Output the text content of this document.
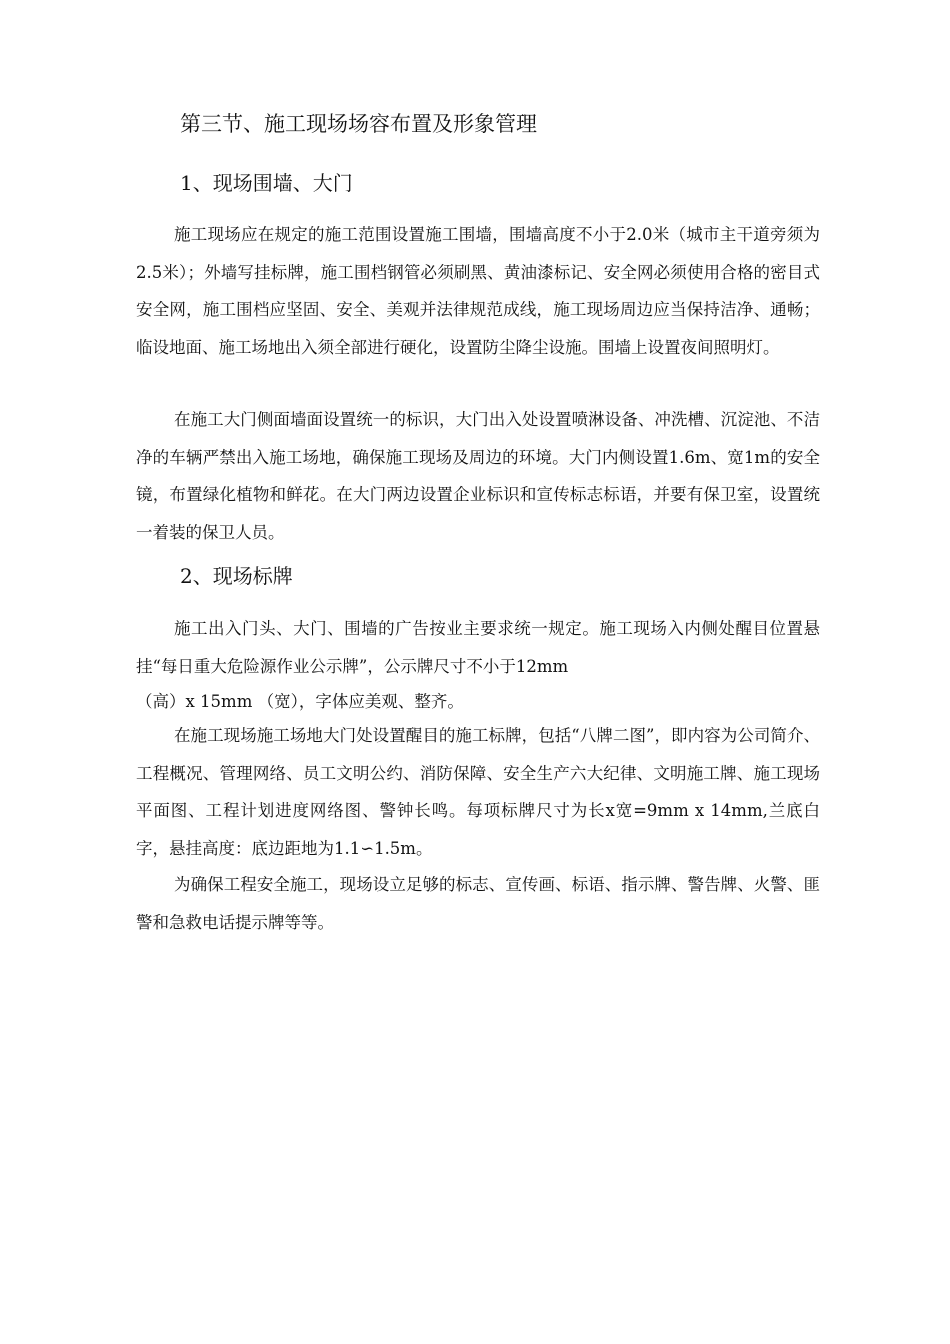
第三节、施工现场场容布置及形象管理
1、现场围墙、大门

施工现场应在规定的施工范围设置施工围墙，围墙高度不小于2.0米（城市主干道旁须为2.5米）；外墙写挂标牌，施工围档钢管必须刷黑、黄油漆标记、安全网必须使用合格的密目式安全网，施工围档应坚固、安全、美观并法律规范成线，施工现场周边应当保持洁净、通畅；临设地面、施工场地出入须全部进行硬化，设置防尘降尘设施。围墙上设置夜间照明灯。

在施工大门侧面墙面设置统一的标识，大门出入处设置喷淋设备、冲洗槽、沉淀池、不洁净的车辆严禁出入施工场地，确保施工现场及周边的环境。大门内侧设置1.6m、宽1m的安全镜，布置绿化植物和鲜花。在大门两边设置企业标识和宣传标志标语，并要有保卫室，设置统一着装的保卫人员。

2、现场标牌

施工出入门头、大门、围墙的广告按业主要求统一规定。施工现场入内侧处醒目位置悬挂“每日重大危险源作业公示牌”，公示牌尺寸不小于12mm

（高）x 15mm （宽），字体应美观、整齐。

在施工现场施工场地大门处设置醒目的施工标牌，包括“八牌二图”，即内容为公司简介、工程概况、管理网络、员工文明公约、消防保障、安全生产六大纪律、文明施工牌、施工现场平面图、工程计划进度网络图、警钟长鸣。每项标牌尺寸为长x宽=9mm x 14mm,兰底白字，悬挂高度：底边距地为1.1∽1.5m。

为确保工程安全施工，现场设立足够的标志、宣传画、标语、指示牌、警告牌、火警、匪警和急救电话提示牌等等。
